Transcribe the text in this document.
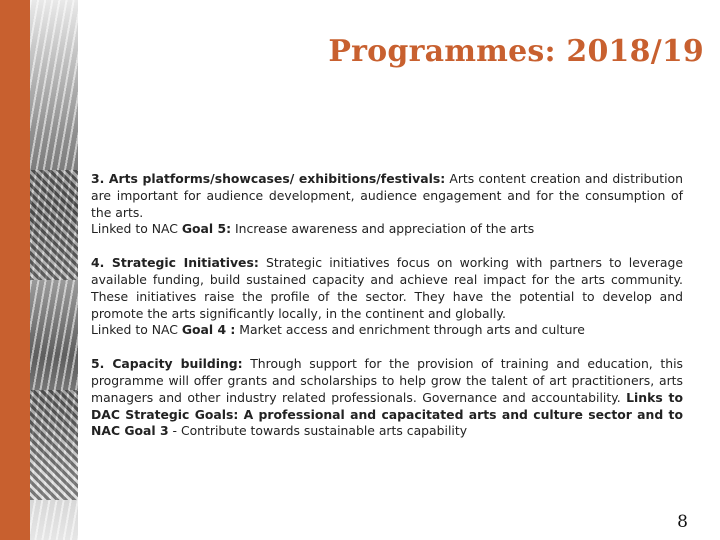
Programmes: 2018/19

3. Arts platforms/showcases/ exhibitions/festivals: Arts content creation and distribution are important for audience development, audience engagement and for the consumption of the arts.

Linked to NAC Goal 5: Increase awareness and appreciation of the arts

4. Strategic Initiatives: Strategic initiatives focus on working with partners to leverage available funding, build sustained capacity and achieve real impact for the arts community. These initiatives raise the profile of the sector. They have the potential to develop and promote the arts significantly locally, in the continent and globally.

Linked to NAC Goal 4 : Market access and enrichment through arts and culture

5. Capacity building: Through support for the provision of training and education, this programme will offer grants and scholarships to help grow the talent of art practitioners, arts managers and other industry related professionals. Governance and accountability. Links to DAC Strategic Goals: A professional and capacitated arts and culture sector and to NAC Goal 3 - Contribute towards sustainable arts capability

8
